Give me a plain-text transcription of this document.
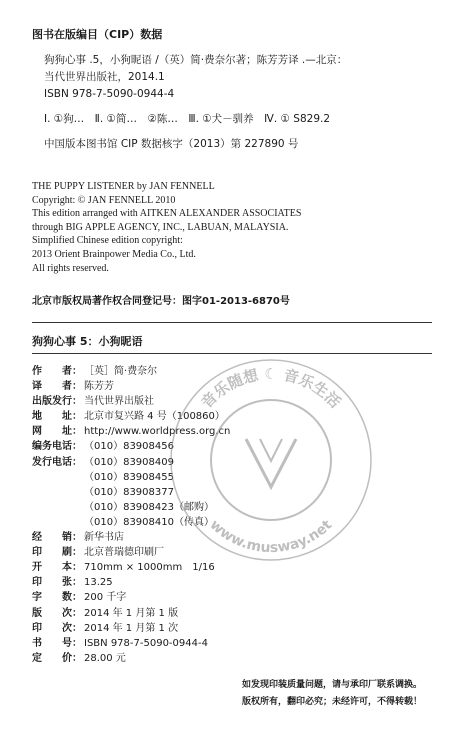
图书在版编目（CIP）数据
狗狗心事 .5，小狗昵语 /（英）简·费奈尔著；陈芳芳译 .—北京：
当代世界出版社，2014.1
ISBN 978-7-5090-0944-4
Ⅰ. ①狗…　Ⅱ. ①简…　②陈…　Ⅲ. ①犬－驯养　Ⅳ. ① S829.2
中国版本图书馆 CIP 数据核字（2013）第 227890 号
THE PUPPY LISTENER by JAN FENNELL
Copyright: © JAN FENNELL 2010
This edition arranged with AITKEN ALEXANDER ASSOCIATES
through BIG APPLE AGENCY, INC., LABUAN, MALAYSIA.
Simplified Chinese edition copyright:
2013 Orient Brainpower Media Co., Ltd.
All rights reserved.
北京市版权局著作权合同登记号：图字01-2013-6870号
狗狗心事 5：小狗昵语
作　　者： ［英］简·费奈尔
译　　者： 陈芳芳
出版发行： 当代世界出版社
地　　址： 北京市复兴路 4 号（100860）
网　　址： http://www.worldpress.org.cn
编务电话： （010）83908456
发行电话： （010）83908409
（010）83908455
（010）83908377
（010）83908423（邮购）
（010）83908410（传真）
经　　销： 新华书店
印　　刷： 北京普瑞德印刷厂
开　　本： 710mm × 1000mm　1/16
印　　张： 13.25
字　　数： 200 千字
版　　次： 2014 年 1 月第 1 版
印　　次： 2014 年 1 月第 1 次
书　　号： ISBN 978-7-5090-0944-4
定　　价： 28.00 元
音乐随想 ☾ 音乐生活
www.musway.net
如发现印装质量问题，请与承印厂联系调换。
版权所有，翻印必究；未经许可，不得转载！
